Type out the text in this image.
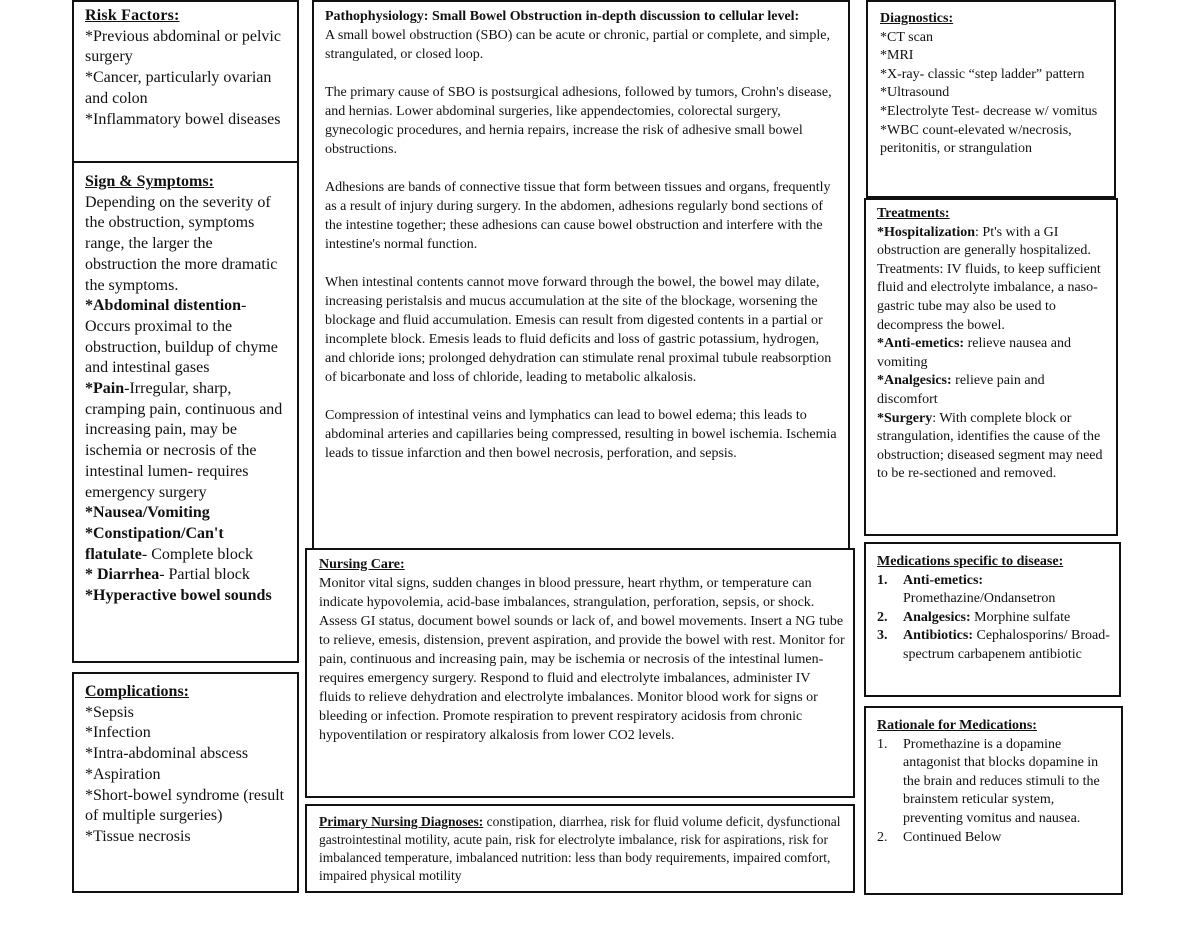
Risk Factors:

*Previous abdominal or pelvic surgery

*Cancer, particularly ovarian and colon

*Inflammatory bowel diseases

Sign & Symptoms:

Depending on the severity of the obstruction, symptoms range, the larger the obstruction the more dramatic the symptoms.

*Abdominal distention- Occurs proximal to the obstruction, buildup of chyme and intestinal gases

*Pain-Irregular, sharp, cramping pain, continuous and increasing pain, may be ischemia or necrosis of the intestinal lumen- requires emergency surgery

*Nausea/Vomiting

*Constipation/Can't flatulate- Complete block

* Diarrhea- Partial block

*Hyperactive bowel sounds

Complications:

*Sepsis

*Infection

*Intra-abdominal abscess

*Aspiration

*Short-bowel syndrome (result of multiple surgeries)

*Tissue necrosis

Pathophysiology: Small Bowel Obstruction in-depth discussion to cellular level:

A small bowel obstruction (SBO) can be acute or chronic, partial or complete, and simple, strangulated, or closed loop.

The primary cause of SBO is postsurgical adhesions, followed by tumors, Crohn's disease, and hernias. Lower abdominal surgeries, like appendectomies, colorectal surgery, gynecologic procedures, and hernia repairs, increase the risk of adhesive small bowel obstructions.

Adhesions are bands of connective tissue that form between tissues and organs, frequently as a result of injury during surgery. In the abdomen, adhesions regularly bond sections of the intestine together; these adhesions can cause bowel obstruction and interfere with the intestine's normal function.

When intestinal contents cannot move forward through the bowel, the bowel may dilate, increasing peristalsis and mucus accumulation at the site of the blockage, worsening the blockage and fluid accumulation. Emesis can result from digested contents in a partial or incomplete block. Emesis leads to fluid deficits and loss of gastric potassium, hydrogen, and chloride ions; prolonged dehydration can stimulate renal proximal tubule reabsorption of bicarbonate and loss of chloride, leading to metabolic alkalosis.

Compression of intestinal veins and lymphatics can lead to bowel edema; this leads to abdominal arteries and capillaries being compressed, resulting in bowel ischemia. Ischemia leads to tissue infarction and then bowel necrosis, perforation, and sepsis.

Nursing Care:

Monitor vital signs, sudden changes in blood pressure, heart rhythm, or temperature can indicate hypovolemia, acid-base imbalances, strangulation, perforation, sepsis, or shock. Assess GI status, document bowel sounds or lack of, and bowel movements. Insert a NG tube to relieve, emesis, distension, prevent aspiration, and provide the bowel with rest. Monitor for pain, continuous and increasing pain, may be ischemia or necrosis of the intestinal lumen- requires emergency surgery. Respond to fluid and electrolyte imbalances, administer IV fluids to relieve dehydration and electrolyte imbalances. Monitor blood work for signs or bleeding or infection. Promote respiration to prevent respiratory acidosis from chronic hypoventilation or respiratory alkalosis from lower CO2 levels.

Primary Nursing Diagnoses: constipation, diarrhea, risk for fluid volume deficit, dysfunctional gastrointestinal motility, acute pain, risk for electrolyte imbalance, risk for aspirations, risk for imbalanced temperature, imbalanced nutrition: less than body requirements, impaired comfort, impaired physical motility

Diagnostics:

*CT scan

*MRI

*X-ray- classic “step ladder” pattern

*Ultrasound

*Electrolyte Test- decrease w/ vomitus

*WBC count-elevated w/necrosis, peritonitis, or strangulation

Treatments:

*Hospitalization: Pt's with a GI obstruction are generally hospitalized. Treatments: IV fluids, to keep sufficient fluid and electrolyte imbalance, a naso-gastric tube may also be used to decompress the bowel.

*Anti-emetics: relieve nausea and vomiting

*Analgesics: relieve pain and discomfort

*Surgery: With complete block or strangulation, identifies the cause of the obstruction; diseased segment may need to be re-sectioned and removed.

Medications specific to disease:

1.	Anti-emetics: Promethazine/Ondansetron
2.	Analgesics: Morphine sulfate
3.	Antibiotics: Cephalosporins/ Broad-spectrum carbapenem antibiotic

Rationale for Medications:

1.	Promethazine is a dopamine antagonist that blocks dopamine in the brain and reduces stimuli to the brainstem reticular system, preventing vomitus and nausea.
2.	Continued Below
